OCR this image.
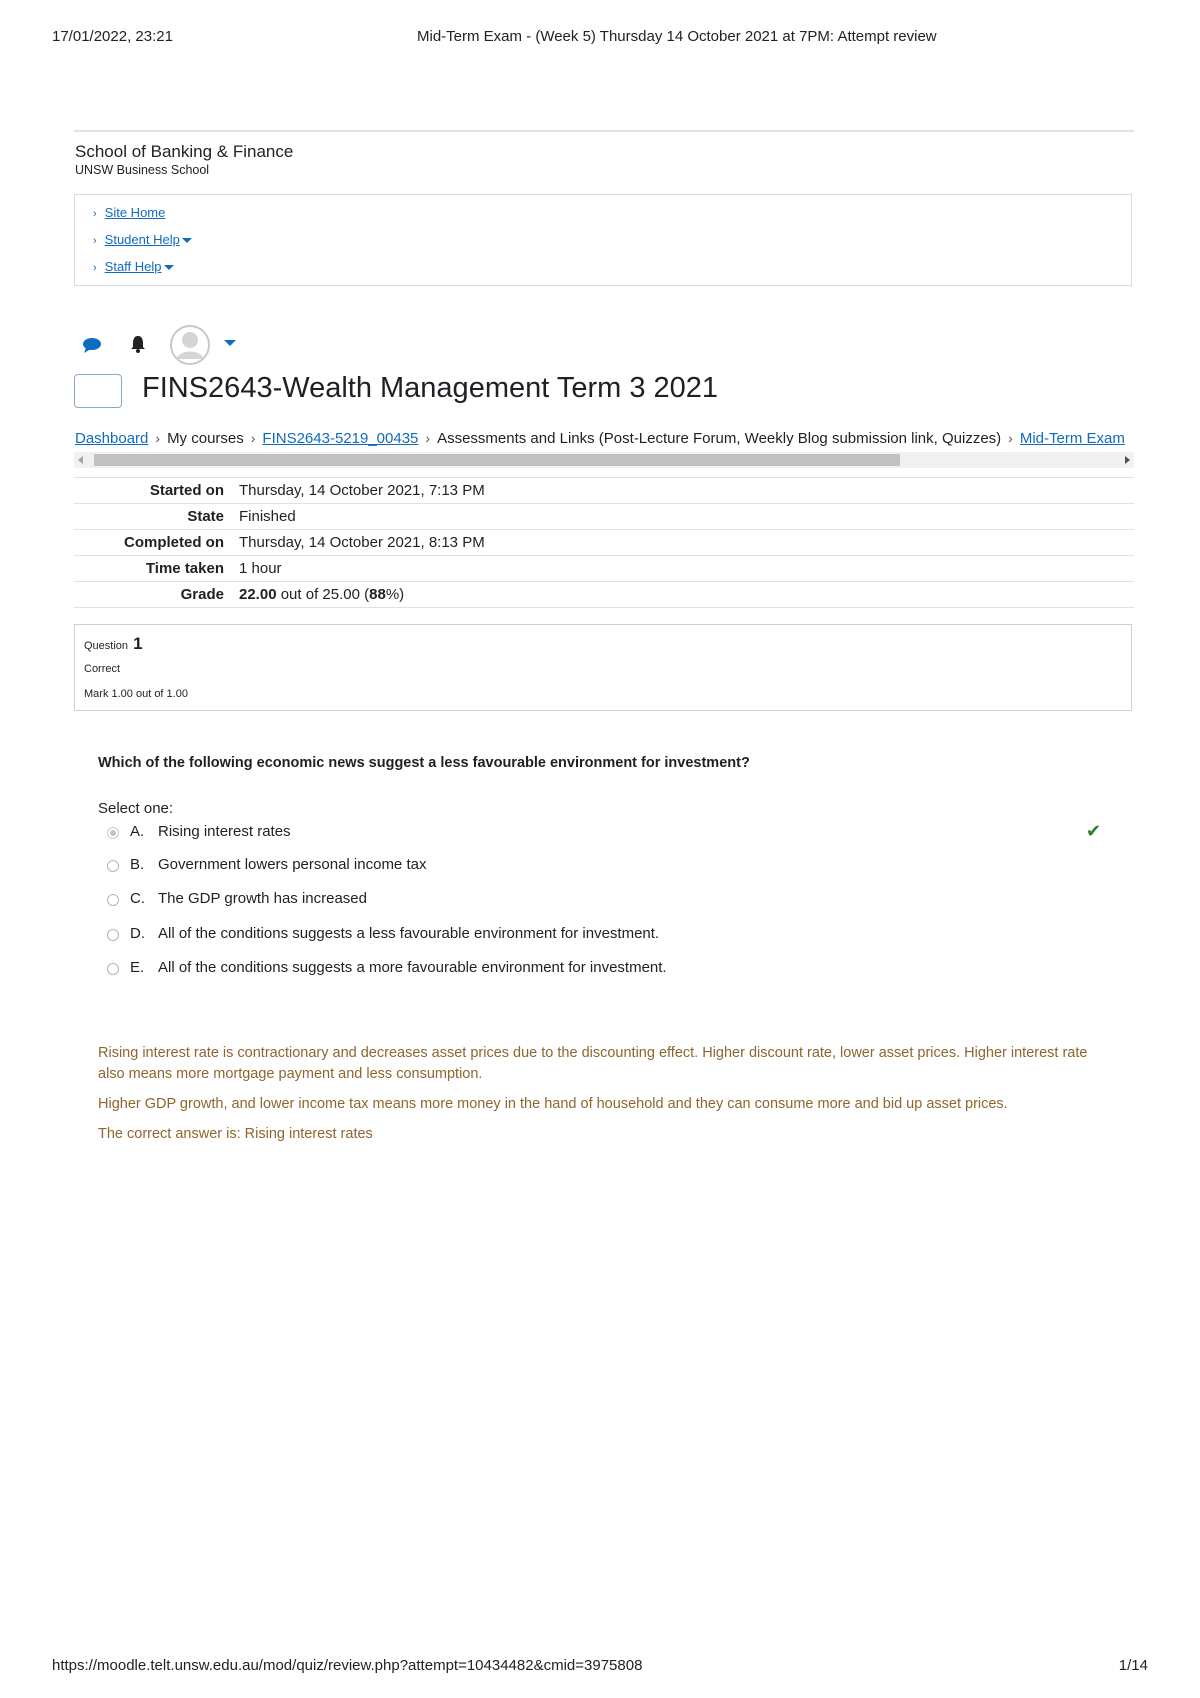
17/01/2022, 23:21	Mid-Term Exam - (Week 5) Thursday 14 October 2021 at 7PM: Attempt review
School of Banking & Finance
UNSW Business School
› Site Home
› Student Help
› Staff Help
FINS2643-Wealth Management Term 3 2021
Dashboard › My courses › FINS2643-5219_00435 › Assessments and Links (Post-Lecture Forum, Weekly Blog submission link, Quizzes) › Mid-Term Exam
Started on	Thursday, 14 October 2021, 7:13 PM
State	Finished
Completed on	Thursday, 14 October 2021, 8:13 PM
Time taken	1 hour
Grade	22.00 out of 25.00 (88%)
Question 1
Correct
Mark 1.00 out of 1.00
Which of the following economic news suggest a less favourable environment for investment?
Select one:
A. Rising interest rates	✔
B. Government lowers personal income tax
C. The GDP growth has increased
D. All of the conditions suggests a less favourable environment for investment.
E. All of the conditions suggests a more favourable environment for investment.

Rising interest rate is contractionary and decreases asset prices due to the discounting effect. Higher discount rate, lower asset prices. Higher interest rate also means more mortgage payment and less consumption.

Higher GDP growth, and lower income tax means more money in the hand of household and they can consume more and bid up asset prices.

The correct answer is: Rising interest rates

https://moodle.telt.unsw.edu.au/mod/quiz/review.php?attempt=10434482&cmid=3975808	1/14
